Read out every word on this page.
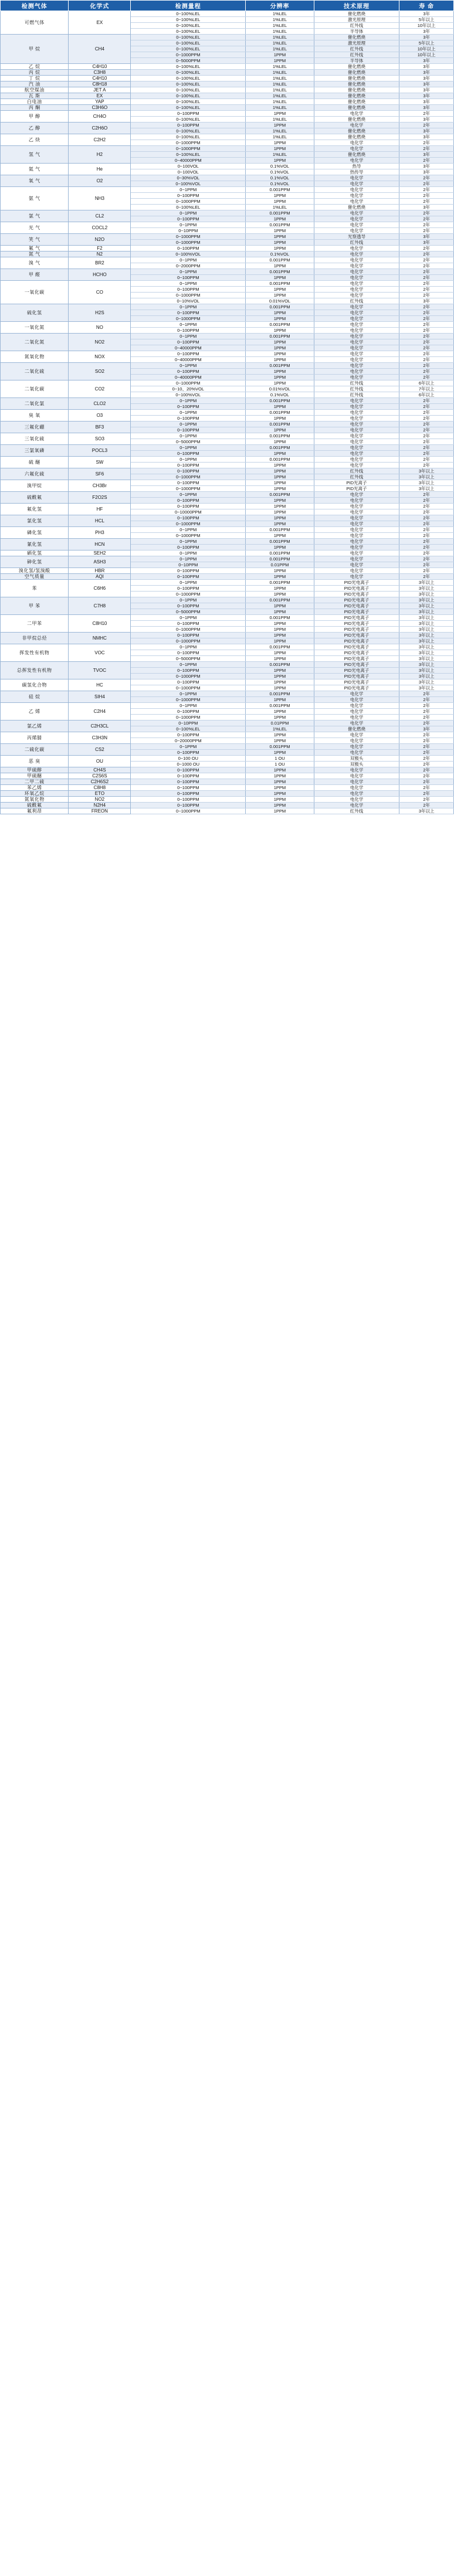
检测气体	化学式	检测量程	分辨率	技术原理	寿 命
可燃气体	EX	0~100%LEL	1%LEL	催化燃烧	3年
		0~100%LEL	1%LEL	激光原理	5年以上
		0~100%LEL	1%LEL	红外线	10年以上
		0~100%LEL	1%LEL	半导体	3年
甲 烷	CH4	0~100%LEL	1%LEL	催化燃烧	3年
		0~100%LEL	1%LEL	激光原理	5年以上
		0~100%LEL	1%LEL	红外线	10年以上
		0~1000PPM	1PPM	红外线	10年以上
		0~5000PPM	1PPM	半导体	3年
乙 烷	C4H10	0~100%LEL	1%LEL	催化燃烧	3年
丙 烷	C3H8	0~100%LEL	1%LEL	催化燃烧	3年
丁 烷	C4H10	0~100%LEL	1%LEL	催化燃烧	3年
汽 油	C8H18	0~100%LEL	1%LEL	催化燃烧	3年
航空煤油	JET A	0~100%LEL	1%LEL	催化燃烧	3年
瓦 斯	EX	0~100%LEL	1%LEL	催化燃烧	3年
白电油	YAP	0~100%LEL	1%LEL	催化燃烧	3年
丙 酮	C3H6O	0~100%LEL	1%LEL	催化燃烧	3年
甲 醇	CH4O	0~100PPM	1PPM	电化学	2年
		0~100%LEL	1%LEL	催化燃烧	3年
乙 醇	C2H6O	0~100PPM	1PPM	电化学	2年
		0~100%LEL	1%LEL	催化燃烧	3年
乙 炔	C2H2	0~100%LEL	1%LEL	催化燃烧	3年
		0~1000PPM	1PPM	电化学	2年
氢 气	H2	0~1000PPM	1PPM	电化学	2年
		0~100%LEL	1%LEL	催化燃烧	3年
		0~40000PPM	1PPM	电化学	2年
氦 气	He	0~100VOL	0.1%VOL	热导	3年
		0~100VOL	0.1%VOL	热传导	3年
氧 气	O2	0~30%VOL	0.1%VOL	电化学	2年
		0~100%VOL	0.1%VOL	电化学	2年
氨 气	NH3	0~1PPM	0.001PPM	电化学	2年
		0~100PPM	1PPM	电化学	2年
		0~1000PPM	1PPM	电化学	2年
		0~100%LEL	1%LEL	催化燃烧	3年
氯 气	CL2	0~1PPM	0.001PPM	电化学	2年
		0~100PPM	1PPM	电化学	2年
光 气	COCL2	0~1PPM	0.001PPM	电化学	2年
		0~10PPM	1PPM	电化学	2年
笑 气	N2O	0~1000PPM	1PPM	光察透导	3年
		0~1000PPM	1PPM	红外线	3年
氟 气	F2	0~100PPM	1PPM	电化学	2年
氮 气	N2	0~100%VOL	0.1%VOL	电化学	2年
溴 气	BR2	0~1PPM	0.001PPM	电化学	2年
		0~2000PPM	1PPM	电化学	2年
甲 醛	HCHO	0~1PPM	0.001PPM	电化学	2年
		0~100PPM	1PPM	电化学	2年
一氧化碳	CO	0~1PPM	0.001PPM	电化学	2年
		0~100PPM	1PPM	电化学	2年
		0~1000PPM	1PPM	电化学	2年
		0~10%VOL	0.01%VOL	红外线	3年
硫化氢	H2S	0~1PPM	0.001PPM	电化学	2年
		0~100PPM	1PPM	电化学	2年
		0~1000PPM	1PPM	电化学	2年
一氧化氮	NO	0~1PPM	0.001PPM	电化学	2年
		0~100PPM	1PPM	电化学	2年
二氧化氮	NO2	0~1PPM	0.001PPM	电化学	2年
		0~100PPM	1PPM	电化学	2年
		0~40000PPM	1PPM	电化学	2年
氮氧化物	NOX	0~100PPM	1PPM	电化学	2年
		0~40000PPM	1PPM	电化学	2年
二氧化硫	SO2	0~1PPM	0.001PPM	电化学	2年
		0~100PPM	1PPM	电化学	2年
		0~40000PPM	1PPM	电化学	2年
二氧化碳	CO2	0~1000PPM	1PPM	红外线	6年以上
		0~10、20%VOL	0.01%VOL	红外线	7年以上
		0~100%VOL	0.1%VOL	红外线	6年以上
二氧化氯	CLO2	0~1PPM	0.001PPM	电化学	2年
		0~100PPM	1PPM	电化学	2年
臭 氧	O3	0~1PPM	0.001PPM	电化学	2年
		0~100PPM	1PPM	电化学	2年
三氟化硼	BF3	0~1PPM	0.001PPM	电化学	2年
		0~100PPM	1PPM	电化学	2年
三氧化硫	SO3	0~1PPM	0.001PPM	电化学	2年
		0~5000PPM	1PPM	电化学	2年
三氯氧磷	POCL3	0~1PPM	0.001PPM	电化学	2年
		0~100PPM	1PPM	电化学	2年
硫 醚	SW	0~1PPM	0.001PPM	电化学	2年
		0~100PPM	1PPM	电化学	2年
六氟化硫	SF6	0~100PPM	1PPM	红外线	3年以上
		0~1000PPM	1PPM	红外线	3年以上
溴甲烷	CH3Br	0~100PPM	1PPM	PID光离子	3年以上
		0~1000PPM	1PPM	PID光离子	3年以上
硫酰氟	F2O2S	0~1PPM	0.001PPM	电化学	2年
		0~100PPM	1PPM	电化学	2年
氟化氢	HF	0~100PPM	1PPM	电化学	2年
		0~10000PPM	1PPM	电化学	2年
氯化氢	HCL	0~100PPM	1PPM	电化学	2年
		0~1000PPM	1PPM	电化学	2年
磷化氢	PH3	0~1PPM	0.001PPM	电化学	2年
		0~1000PPM	1PPM	电化学	2年
氰化氢	HCN	0~1PPM	0.001PPM	电化学	2年
		0~100PPM	1PPM	电化学	2年
硒化氢	SEH2	0~1PPM	0.001PPM	电化学	2年
砷化氢	ASH3	0~1PPM	0.001PPM	电化学	2年
		0~10PPM	0.01PPM	电化学	2年
溴化氢/氢溴酸	HBR	0~100PPM	1PPM	电化学	2年
空气质量	AQI	0~100PPM	1PPM	电化学	2年
苯	C6H6	0~1PPM	0.001PPM	PID光电离子	3年以上
		0~100PPM	1PPM	PID光电离子	3年以上
		0~1000PPM	1PPM	PID光电离子	3年以上
甲 苯	C7H8	0~1PPM	0.001PPM	PID光电离子	3年以上
		0~100PPM	1PPM	PID光电离子	3年以上
		0~5000PPM	1PPM	PID光电离子	3年以上
二甲苯	C8H10	0~1PPM	0.001PPM	PID光电离子	3年以上
		0~100PPM	1PPM	PID光电离子	3年以上
		0~1000PPM	1PPM	PID光电离子	3年以上
非甲烷总烃	NMHC	0~100PPM	1PPM	PID光电离子	3年以上
		0~1000PPM	1PPM	PID光电离子	3年以上
挥发性有机物	VOC	0~1PPM	0.001PPM	PID光电离子	3年以上
		0~100PPM	1PPM	PID光电离子	3年以上
		0~5000PPM	1PPM	PID光电离子	3年以上
总挥发性有机物	TVOC	0~1PPM	0.001PPM	PID光电离子	3年以上
		0~100PPM	1PPM	PID光电离子	3年以上
		0~1000PPM	1PPM	PID光电离子	3年以上
碳氢化合物	HC	0~100PPM	1PPM	PID光电离子	3年以上
		0~1000PPM	1PPM	PID光电离子	3年以上
硅 烷	SIH4	0~1PPM	0.001PPM	电化学	2年
		0~1000PPM	1PPM	电化学	2年
乙 烯	C2H4	0~1PPM	0.001PPM	电化学	2年
		0~100PPM	1PPM	电化学	2年
		0~1000PPM	1PPM	电化学	2年
氯乙烯	C2H3CL	0~10PPM	0.01PPM	电化学	2年
		0~100%LEL	1%LEL	催化燃烧	3年
丙烯腈	C3H3N	0~100PPM	1PPM	电化学	2年
		0~20000PPM	1PPM	电化学	2年
二硫化碳	CS2	0~1PPM	0.001PPM	电化学	2年
		0~100PPM	1PPM	电化学	2年
恶 臭	OU	0~100 OU	1 OU	双极头	2年
		0~1000 OU	1 OU	双极头	2年
甲硫醇	CH4S	0~100PPM	1PPM	电化学	2年
甲硫醚	C2S6S	0~100PPM	1PPM	电化学	2年
二甲二硫	C2H6S2	0~100PPM	1PPM	电化学	2年
苯乙烯	C8H8	0~100PPM	1PPM	电化学	2年
环氧乙烷	ETO	0~100PPM	1PPM	电化学	2年
氮氧化物	NO2	0~100PPM	1PPM	电化学	2年
硫酰氟	N2H4	0~100PPM	1PPM	电化学	2年
氟利昂	FREON	0~1000PPM	1PPM	红外线	3年以上
